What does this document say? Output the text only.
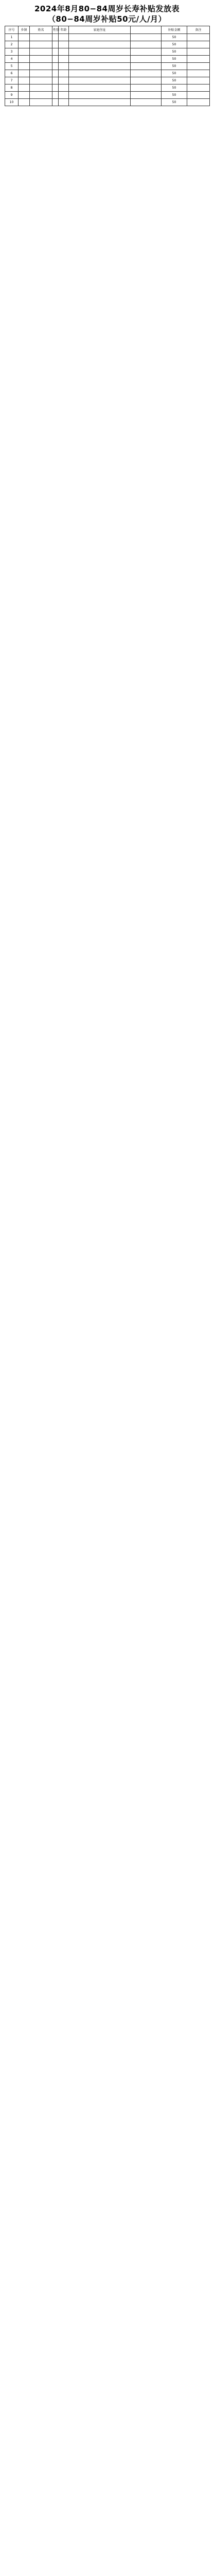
2024年8月80−84周岁长寿补贴发放表
（80−84周岁补贴50元/人/月）
序号	乡镇	姓名	性别	年龄	家庭住址		补贴金额	备注
1							50	
2							50	
3							50	
4							50	
5							50	
6							50	
7							50	
8							50	
9							50	
10							50	
